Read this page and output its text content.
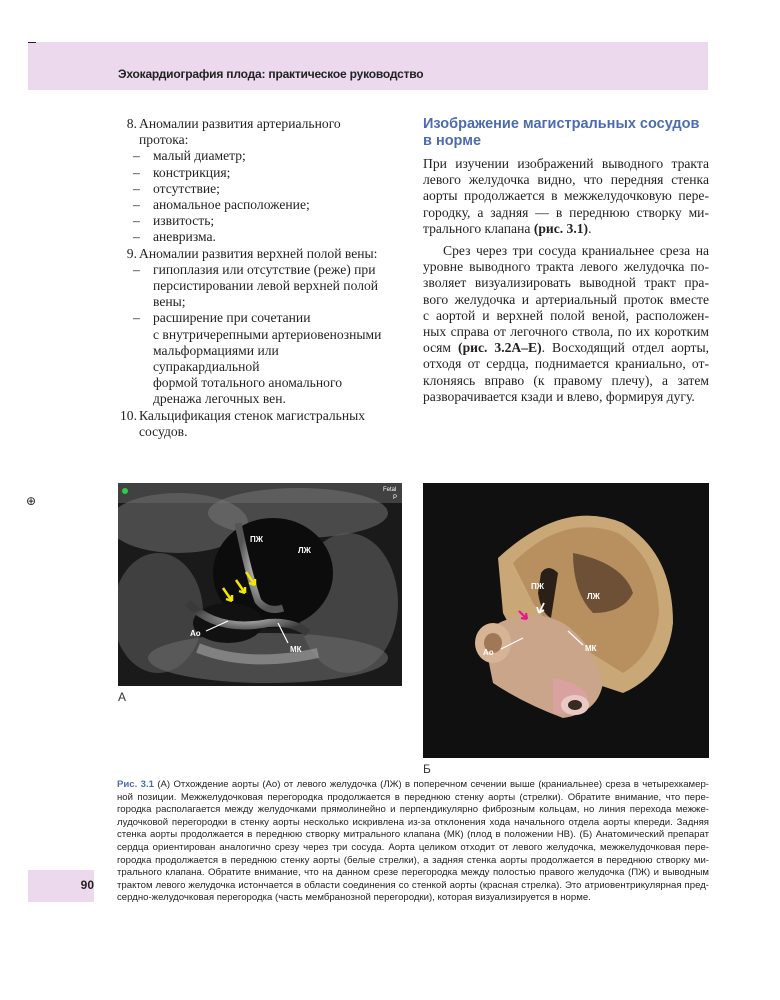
Эхокардиография плода: практическое руководство
⊕
8. Аномалии развития артериального протока:
– малый диаметр;
– констрикция;
– отсутствие;
– аномальное расположение;
– извитость;
– аневризма.
9. Аномалии развития верхней полой вены:
– гипоплазия или отсутствие (реже) при
персистировании левой верхней полой
вены;
– расширение при сочетании
с внутричерепными артериовенозными
мальформациями или супракардиальной
формой тотального аномального
дренажа легочных вен.
10. Кальцификация стенок магистральных
сосудов.
Изображение магистральных сосудов
в норме
При изучении изображений выводного тракта
левого желудочка видно, что передняя стенка
аорты продолжается в межжелудочковую пере-
городку, а задняя — в переднюю створку ми-
трального клапана (рис. 3.1).
Срез через три сосуда краниальнее среза на
уровне выводного тракта левого желудочка по-
зволяет визуализировать выводной тракт пра-
вого желудочка и артериальный проток вместе
с аортой и верхней полой веной, расположен-
ных справа от легочного ствола, по их коротким
осям (рис. 3.2А–Е). Восходящий отдел аорты,
отходя от сердца, поднимается краниально, от-
клоняясь вправо (к правому плечу), а затем
разворачивается кзади и влево, формируя дугу.
Fetal
P
ПЖ
ЛЖ
Ао
МК
А
ПЖ
ЛЖ
Ао	МК
Б
Рис. 3.1 (А) Отхождение аорты (Ао) от левого желудочка (ЛЖ) в поперечном сечении выше (краниальнее) среза в четырехкамер-
ной позиции. Межжелудочковая перегородка продолжается в переднюю стенку аорты (стрелки). Обратите внимание, что пере-
городка располагается между желудочками прямолинейно и перпендикулярно фиброзным кольцам, но линия перехода межже-
лудочковой перегородки в стенку аорты несколько искривлена из-за отклонения хода начального отдела аорты кпереди. Задняя
стенка аорты продолжается в переднюю створку митрального клапана (МК) (плод в положении НВ). (Б) Анатомический препарат
сердца ориентирован аналогично срезу через три сосуда. Аорта целиком отходит от левого желудочка, межжелудочковая пере-
городка продолжается в переднюю стенку аорты (белые стрелки), а задняя стенка аорты продолжается в переднюю створку ми-
трального клапана. Обратите внимание, что на данном срезе перегородка между полостью правого желудочка (ПЖ) и выводным
трактом левого желудочка истончается в области соединения со стенкой аорты (красная стрелка). Это атриовентрикулярная пред-
сердно-желудочковая перегородка (часть мембранозной перегородки), которая визуализируется в норме.
90
